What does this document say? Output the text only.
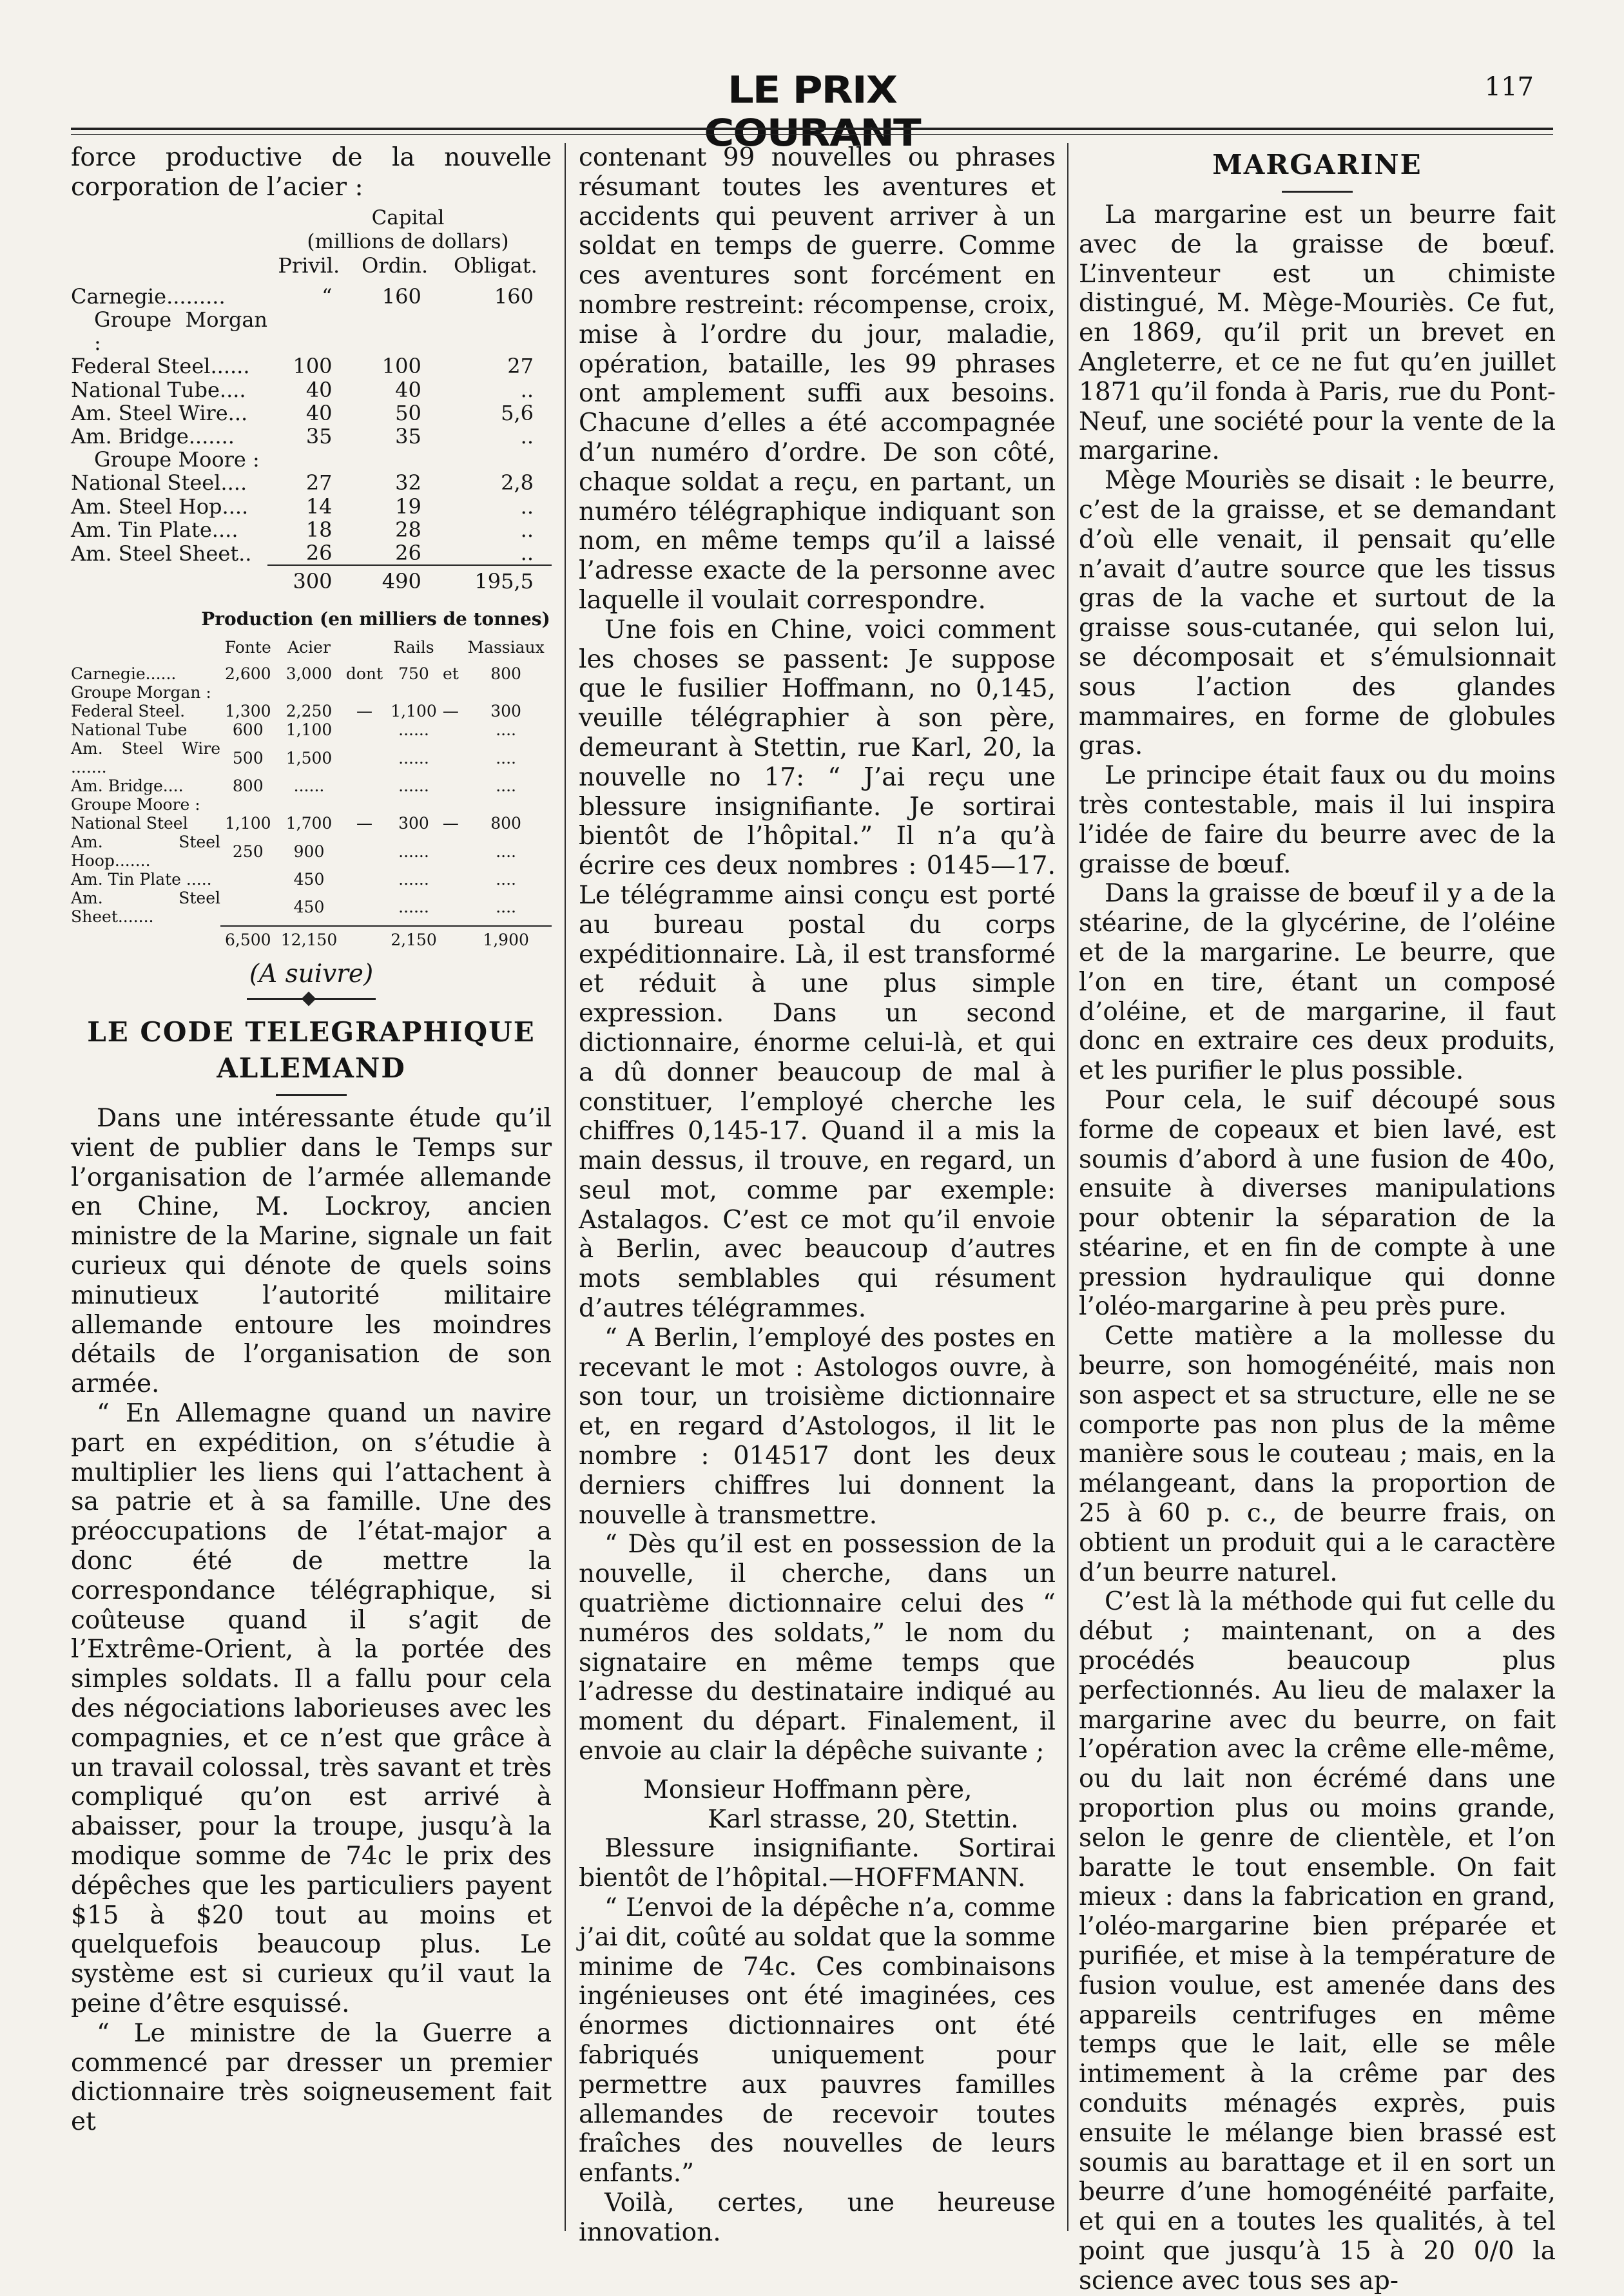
LE PRIX COURANT
117

force productive de la nouvelle corporation de l’acier :

Capital
(millions de dollars)
	Privil.	Ordin.	Obligat.

Carnegie.........	“	160	160
Groupe Morgan :			
Federal Steel......	100	100	27
National Tube....	40	40	..
Am. Steel Wire...	40	50	5,6
Am. Bridge.......	35	35	..
Groupe Moore :			
National Steel....	27	32	2,8
Am. Steel Hop....	14	19	..
Am. Tin Plate....	18	28	..
Am. Steel Sheet..	26	26	..

	300	490	195,5
Production (en milliers de tonnes)
	Fonte	Acier		Rails		Massiaux

Carnegie......	2,600	3,000	dont	750	et	800
Groupe Morgan :						
Federal Steel.	1,300	2,250	—	1,100	—	300
National Tube	600	1,100		......		....
Am. Steel Wire .......	500	1,500		......		....
Am. Bridge....	800	......		......		....
Groupe Moore :						
National Steel	1,100	1,700	—	300	—	800
Am. Steel Hoop.......	250	900		......		....
Am. Tin Plate .....		450		......		....
Am. Steel Sheet.......		450		......		....

	6,500	12,150		2,150		1,900

(A suivre)

LE CODE TELEGRAPHIQUE
ALLEMAND

Dans une intéressante étude qu’il vient de publier dans le Temps sur l’organisation de l’armée allemande en Chine, M. Lockroy, ancien ministre de la Marine, signale un fait curieux qui dénote de quels soins minutieux l’autorité militaire allemande entoure les moindres détails de l’organisation de son armée.

“ En Allemagne quand un navire part en expédition, on s’étudie à multiplier les liens qui l’attachent à sa patrie et à sa famille. Une des préoccupations de l’état-major a donc été de mettre la correspondance télégraphique, si coûteuse quand il s’agit de l’Extrême-Orient, à la portée des simples soldats. Il a fallu pour cela des négociations laborieuses avec les compagnies, et ce n’est que grâce à un travail colossal, très savant et très compliqué qu’on est arrivé à abaisser, pour la troupe, jusqu’à la modique somme de 74c le prix des dépêches que les particuliers payent $15 à $20 tout au moins et quelquefois beaucoup plus. Le système est si curieux qu’il vaut la peine d’être esquissé.

“ Le ministre de la Guerre a commencé par dresser un premier dictionnaire très soigneusement fait et

contenant 99 nouvelles ou phrases résumant toutes les aventures et accidents qui peuvent arriver à un soldat en temps de guerre. Comme ces aventures sont forcément en nombre restreint: récompense, croix, mise à l’ordre du jour, maladie, opération, bataille, les 99 phrases ont amplement suffi aux besoins. Chacune d’elles a été accompagnée d’un numéro d’ordre. De son côté, chaque soldat a reçu, en partant, un numéro télégraphique indiquant son nom, en même temps qu’il a laissé l’adresse exacte de la personne avec laquelle il voulait correspondre.

Une fois en Chine, voici comment les choses se passent: Je suppose que le fusilier Hoffmann, no 0,145, veuille télégraphier à son père, demeurant à Stettin, rue Karl, 20, la nouvelle no 17: “ J’ai reçu une blessure insignifiante. Je sortirai bientôt de l’hôpital.” Il n’a qu’à écrire ces deux nombres : 0145—17. Le télégramme ainsi conçu est porté au bureau postal du corps expéditionnaire. Là, il est transformé et réduit à une plus simple expression. Dans un second dictionnaire, énorme celui-là, et qui a dû donner beaucoup de mal à constituer, l’employé cherche les chiffres 0,145-17. Quand il a mis la main dessus, il trouve, en regard, un seul mot, comme par exemple: Astalagos. C’est ce mot qu’il envoie à Berlin, avec beaucoup d’autres mots semblables qui résument d’autres télégrammes.

“ A Berlin, l’employé des postes en recevant le mot : Astologos ouvre, à son tour, un troisième dictionnaire et, en regard d’Astologos, il lit le nombre : 014517 dont les deux derniers chiffres lui donnent la nouvelle à transmettre.

“ Dès qu’il est en possession de la nouvelle, il cherche, dans un quatrième dictionnaire celui des “ numéros des soldats,” le nom du signataire en même temps que l’adresse du destinataire indiqué au moment du départ. Finalement, il envoie au clair la dépêche suivante ;

Monsieur Hoffmann père,

Karl strasse, 20, Stettin.

Blessure insignifiante. Sortirai bientôt de l’hôpital.—HOFFMANN.

“ L’envoi de la dépêche n’a, comme j’ai dit, coûté au soldat que la somme minime de 74c. Ces combinaisons ingénieuses ont été imaginées, ces énormes dictionnaires ont été fabriqués uniquement pour permettre aux pauvres familles allemandes de recevoir toutes fraîches des nouvelles de leurs enfants.”

Voilà, certes, une heureuse innovation.

MARGARINE

La margarine est un beurre fait avec de la graisse de bœuf. L’inventeur est un chimiste distingué, M. Mège-Mouriès. Ce fut, en 1869, qu’il prit un brevet en Angleterre, et ce ne fut qu’en juillet 1871 qu’il fonda à Paris, rue du Pont-Neuf, une société pour la vente de la margarine.

Mège Mouriès se disait : le beurre, c’est de la graisse, et se demandant d’où elle venait, il pensait qu’elle n’avait d’autre source que les tissus gras de la vache et surtout de la graisse sous-cutanée, qui selon lui, se décomposait et s’émulsionnait sous l’action des glandes mammaires, en forme de globules gras.

Le principe était faux ou du moins très contestable, mais il lui inspira l’idée de faire du beurre avec de la graisse de bœuf.

Dans la graisse de bœuf il y a de la stéarine, de la glycérine, de l’oléine et de la margarine. Le beurre, que l’on en tire, étant un composé d’oléine, et de margarine, il faut donc en extraire ces deux produits, et les purifier le plus possible.

Pour cela, le suif découpé sous forme de copeaux et bien lavé, est soumis d’abord à une fusion de 40o, ensuite à diverses manipulations pour obtenir la séparation de la stéarine, et en fin de compte à une pression hydraulique qui donne l’oléo-margarine à peu près pure.

Cette matière a la mollesse du beurre, son homogénéité, mais non son aspect et sa structure, elle ne se comporte pas non plus de la même manière sous le couteau ; mais, en la mélangeant, dans la proportion de 25 à 60 p. c., de beurre frais, on obtient un produit qui a le caractère d’un beurre naturel.

C’est là la méthode qui fut celle du début ; maintenant, on a des procédés beaucoup plus perfectionnés. Au lieu de malaxer la margarine avec du beurre, on fait l’opération avec la crême elle-même, ou du lait non écrémé dans une proportion plus ou moins grande, selon le genre de clientèle, et l’on baratte le tout ensemble. On fait mieux : dans la fabrication en grand, l’oléo-margarine bien préparée et purifiée, et mise à la température de fusion voulue, est amenée dans des appareils centrifuges en même temps que le lait, elle se mêle intimement à la crême par des conduits ménagés exprès, puis ensuite le mélange bien brassé est soumis au barattage et il en sort un beurre d’une homogénéité parfaite, et qui en a toutes les qualités, à tel point que jusqu’à 15 à 20 0/0 la science avec tous ses ap-
